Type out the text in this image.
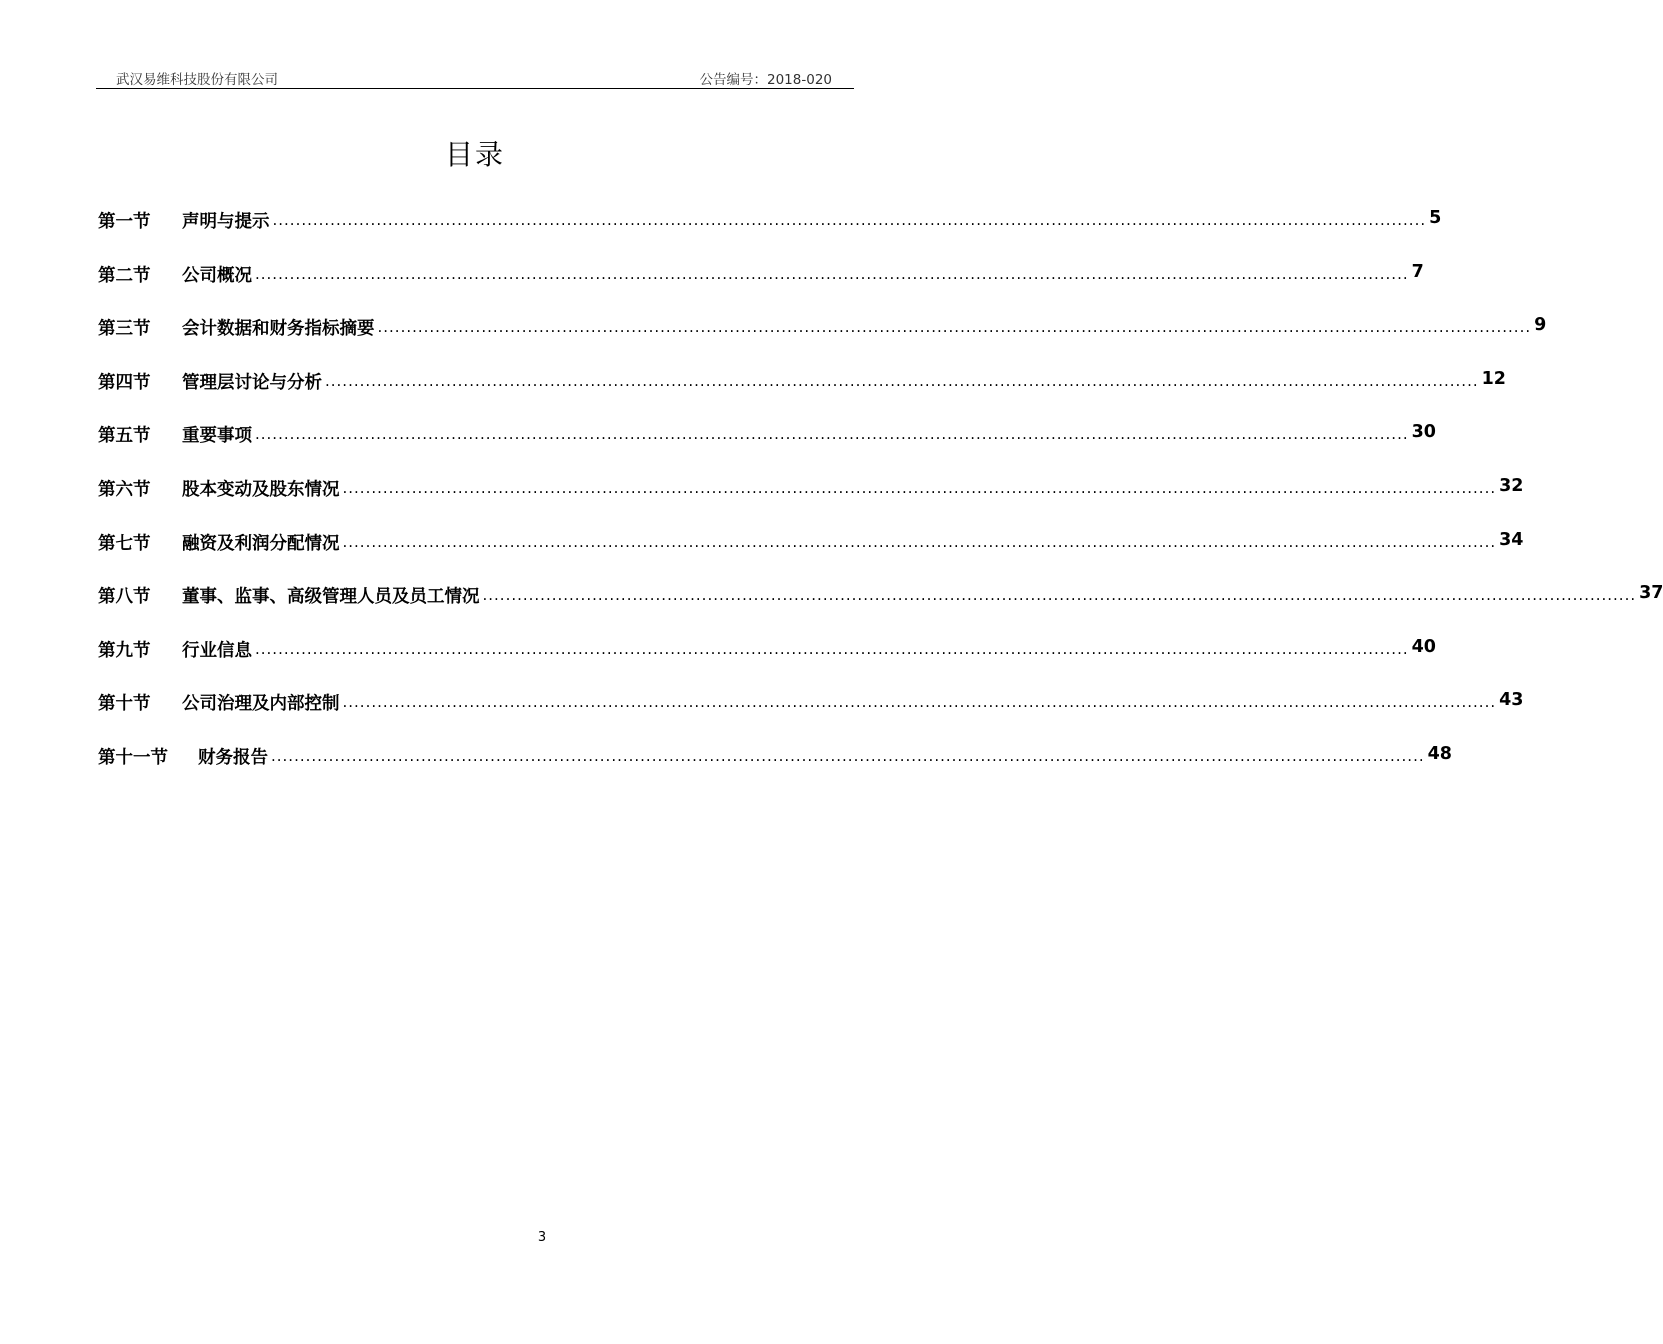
武汉易维科技股份有限公司	公告编号：2018-020
目录
第一节	声明与提示 ........................................................................................................................................................................................................ 5
第二节	公司概况 ........................................................................................................................................................................................................ 7
第三节	会计数据和财务指标摘要 ........................................................................................................................................................................................................ 9
第四节	管理层讨论与分析 ........................................................................................................................................................................................................ 12
第五节	重要事项 ........................................................................................................................................................................................................ 30
第六节	股本变动及股东情况 ........................................................................................................................................................................................................ 32
第七节	融资及利润分配情况 ........................................................................................................................................................................................................ 34
第八节	董事、监事、高级管理人员及员工情况 ........................................................................................................................................................................................................ 37
第九节	行业信息 ........................................................................................................................................................................................................ 40
第十节	公司治理及内部控制 ........................................................................................................................................................................................................ 43
第十一节	财务报告 ........................................................................................................................................................................................................ 48
3
